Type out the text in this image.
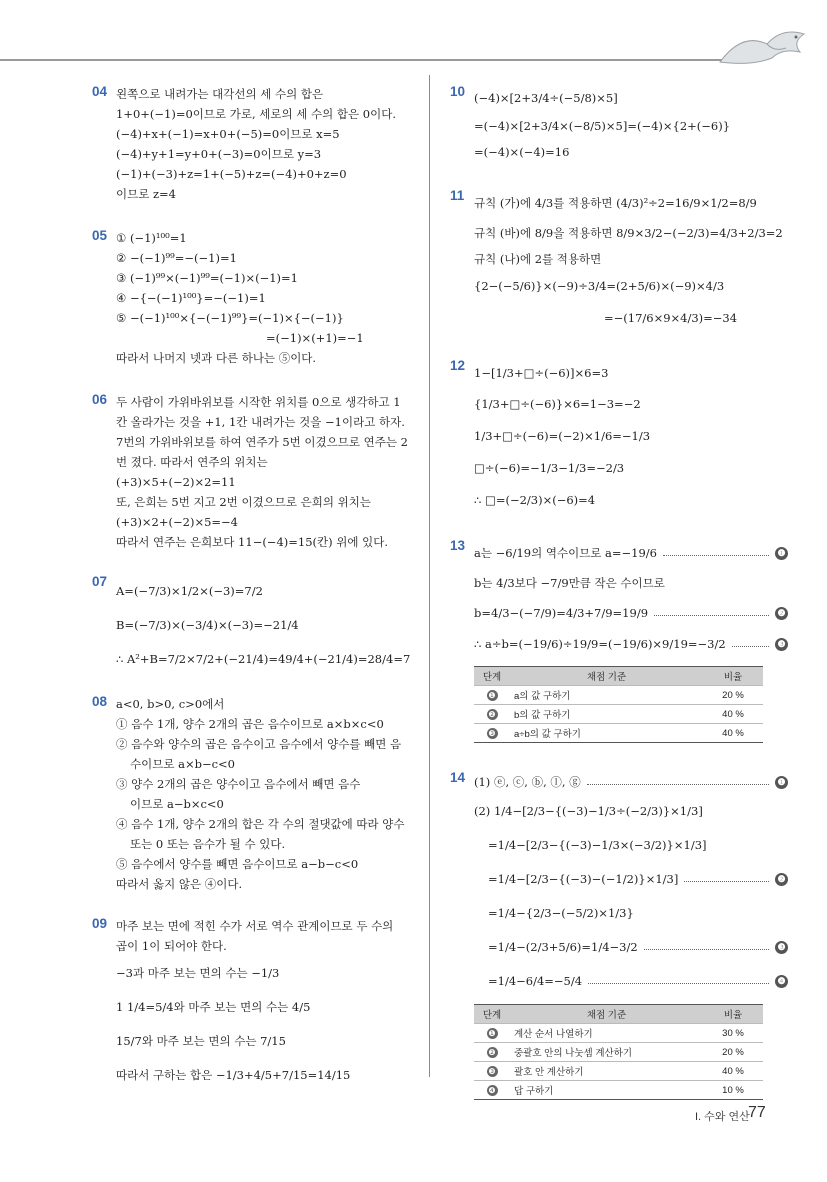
04 왼쪽으로 내려가는 대각선의 세 수의 합은
1+0+(−1)=0이므로 가로, 세로의 세 수의 합은 0이다.
(−4)+x+(−1)=x+0+(−5)=0이므로 x=5
(−4)+y+1=y+0+(−3)=0이므로 y=3
(−1)+(−3)+z=1+(−5)+z=(−4)+0+z=0
이므로 z=4
05 ① (−1)¹⁰⁰=1
② −(−1)⁹⁹=−(−1)=1
③ (−1)⁹⁹×(−1)⁹⁹=(−1)×(−1)=1
④ −{−(−1)¹⁰⁰}=−(−1)=1
⑤ −(−1)¹⁰⁰×{−(−1)⁹⁹}=(−1)×{−(−1)}
=(−1)×(+1)=−1
따라서 나머지 넷과 다른 하나는 ⑤이다.
06 두 사람이 가위바위보를 시작한 위치를 0으로 생각하고 1
칸 올라가는 것을 +1, 1칸 내려가는 것을 −1이라고 하자.
7번의 가위바위보를 하여 연주가 5번 이겼으므로 연주는 2
번 졌다. 따라서 연주의 위치는
(+3)×5+(−2)×2=11
또, 은희는 5번 지고 2번 이겼으므로 은희의 위치는
(+3)×2+(−2)×5=−4
따라서 연주는 은희보다 11−(−4)=15(칸) 위에 있다.
07
A=(−7/3)×1/2×(−3)=7/2
B=(−7/3)×(−3/4)×(−3)=−21/4
∴ A²+B=7/2×7/2+(−21/4)=49/4+(−21/4)=28/4=7
08 a<0, b>0, c>0에서
① 음수 1개, 양수 2개의 곱은 음수이므로 a×b×c<0
② 음수와 양수의 곱은 음수이고 음수에서 양수를 빼면 음
수이므로 a×b−c<0
③ 양수 2개의 곱은 양수이고 음수에서 빼면 음수
이므로 a−b×c<0
④ 음수 1개, 양수 2개의 합은 각 수의 절댓값에 따라 양수
또는 0 또는 음수가 될 수 있다.
⑤ 음수에서 양수를 빼면 음수이므로 a−b−c<0
따라서 옳지 않은 ④이다.
09 마주 보는 면에 적힌 수가 서로 역수 관계이므로 두 수의
곱이 1이 되어야 한다.
−3과 마주 보는 면의 수는 −1/3
1 1/4=5/4와 마주 보는 면의 수는 4/5
15/7와 마주 보는 면의 수는 7/15
따라서 구하는 합은 −1/3+4/5+7/15=14/15
10 (−4)×[2+3/4÷(−5/8)×5]
=(−4)×[2+3/4×(−8/5)×5]=(−4)×{2+(−6)}
=(−4)×(−4)=16
11 규칙 (가)에 4/3를 적용하면 (4/3)²÷2=16/9×1/2=8/9
규칙 (바)에 8/9을 적용하면 8/9×3/2−(−2/3)=4/3+2/3=2
규칙 (나)에 2를 적용하면
{2−(−5/6)}×(−9)÷3/4=(2+5/6)×(−9)×4/3
=−(17/6×9×4/3)=−34
12 1−[1/3+□÷(−6)]×6=3
{1/3+□÷(−6)}×6=1−3=−2
1/3+□÷(−6)=(−2)×1/6=−1/3
□÷(−6)=−1/3−1/3=−2/3
∴ □=(−2/3)×(−6)=4
13 a는 −6/19의 역수이므로 a=−19/6	❶
b는 4/3보다 −7/9만큼 작은 수이므로
b=4/3−(−7/9)=4/3+7/9=19/9	❷
∴ a÷b=(−19/6)÷19/9=(−19/6)×9/19=−3/2	❸
단계	채점 기준	비율
❶	a의 값 구하기	20 %
❷	b의 값 구하기	40 %
❸	a÷b의 값 구하기	40 %
14 (1) ⓔ, ⓒ, ⓑ, ⓛ, ⓖ	❶
(2) 1/4−[2/3−{(−3)−1/3÷(−2/3)}×1/3]
=1/4−[2/3−{(−3)−1/3×(−3/2)}×1/3]
=1/4−[2/3−{(−3)−(−1/2)}×1/3]	❷
=1/4−{2/3−(−5/2)×1/3}
=1/4−(2/3+5/6)=1/4−3/2	❸
=1/4−6/4=−5/4	❹
단계	채점 기준	비율
❶	계산 순서 나열하기	30 %
❷	중괄호 안의 나눗셈 계산하기	20 %
❸	괄호 안 계산하기	40 %
❹	답 구하기	10 %
I. 수와 연산
77
